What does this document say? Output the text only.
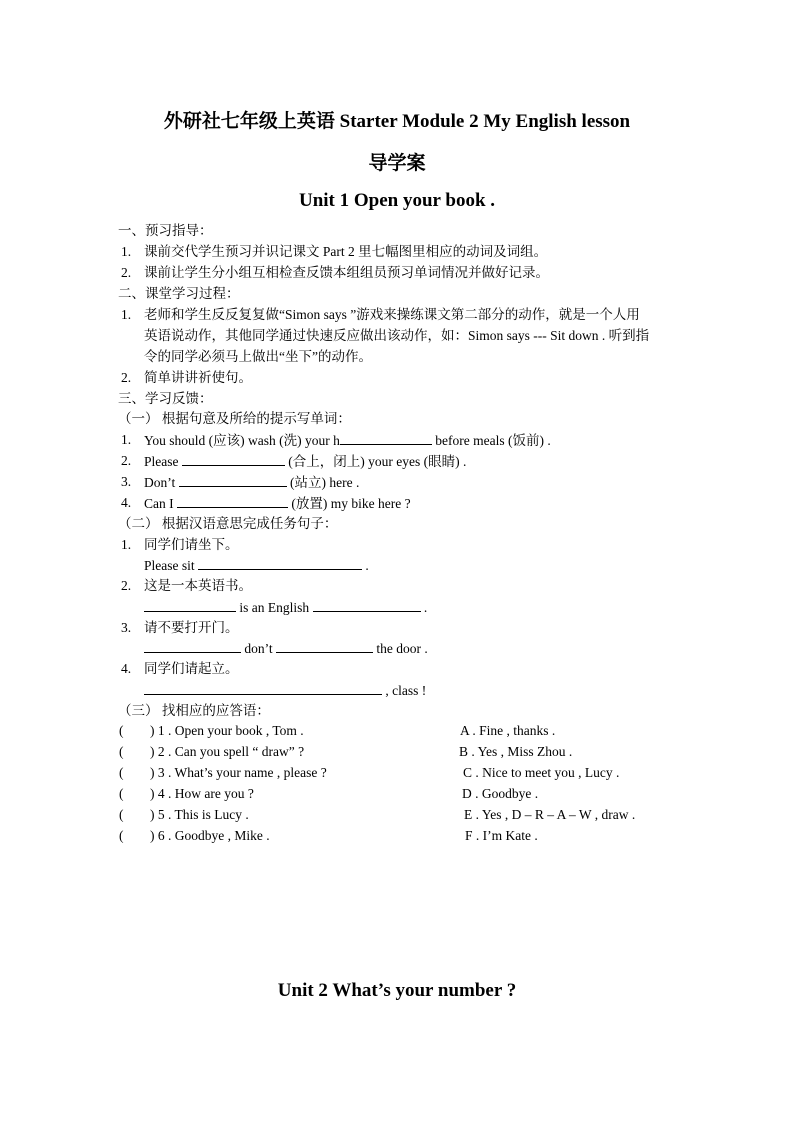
外研社七年级上英语 Starter Module 2 My English lesson
导学案
Unit 1 Open your book .
一、预习指导：
1. 课前交代学生预习并识记课文 Part 2 里七幅图里相应的动词及词组。
2. 课前让学生分小组互相检查反馈本组组员预习单词情况并做好记录。
二、课堂学习过程：
1. 老师和学生反反复复做“Simon says ”游戏来操练课文第二部分的动作，就是一个人用
英语说动作，其他同学通过快速反应做出该动作，如：Simon says --- Sit down . 听到指
令的同学必须马上做出“坐下”的动作。
2. 简单讲讲祈使句。
三、学习反馈：
（一） 根据句意及所给的提示写单词：
1. You should (应该) wash (洗) your h	before meals (饭前) .
2. Please	(合上，闭上) your eyes (眼睛) .
3. Don’t	(站立) here .
4. Can I	(放置) my bike here ?
（二） 根据汉语意思完成任务句子：
1. 同学们请坐下。
Please sit	.
2. 这是一本英语书。
is an English	.
3. 请不要打开门。
don’t	the door .
4. 同学们请起立。
, class !
（三） 找相应的应答语：
( ) 1 . Open your book , Tom .	A . Fine , thanks .
( ) 2 . Can you spell “ draw” ?	B . Yes , Miss Zhou .
( ) 3 . What’s your name , please ?	C . Nice to meet you , Lucy .
( ) 4 . How are you ?	D . Goodbye .
( ) 5 . This is Lucy .	E . Yes , D – R – A – W , draw .
( ) 6 . Goodbye , Mike .	F . I’m Kate .
Unit 2 What’s your number ?
